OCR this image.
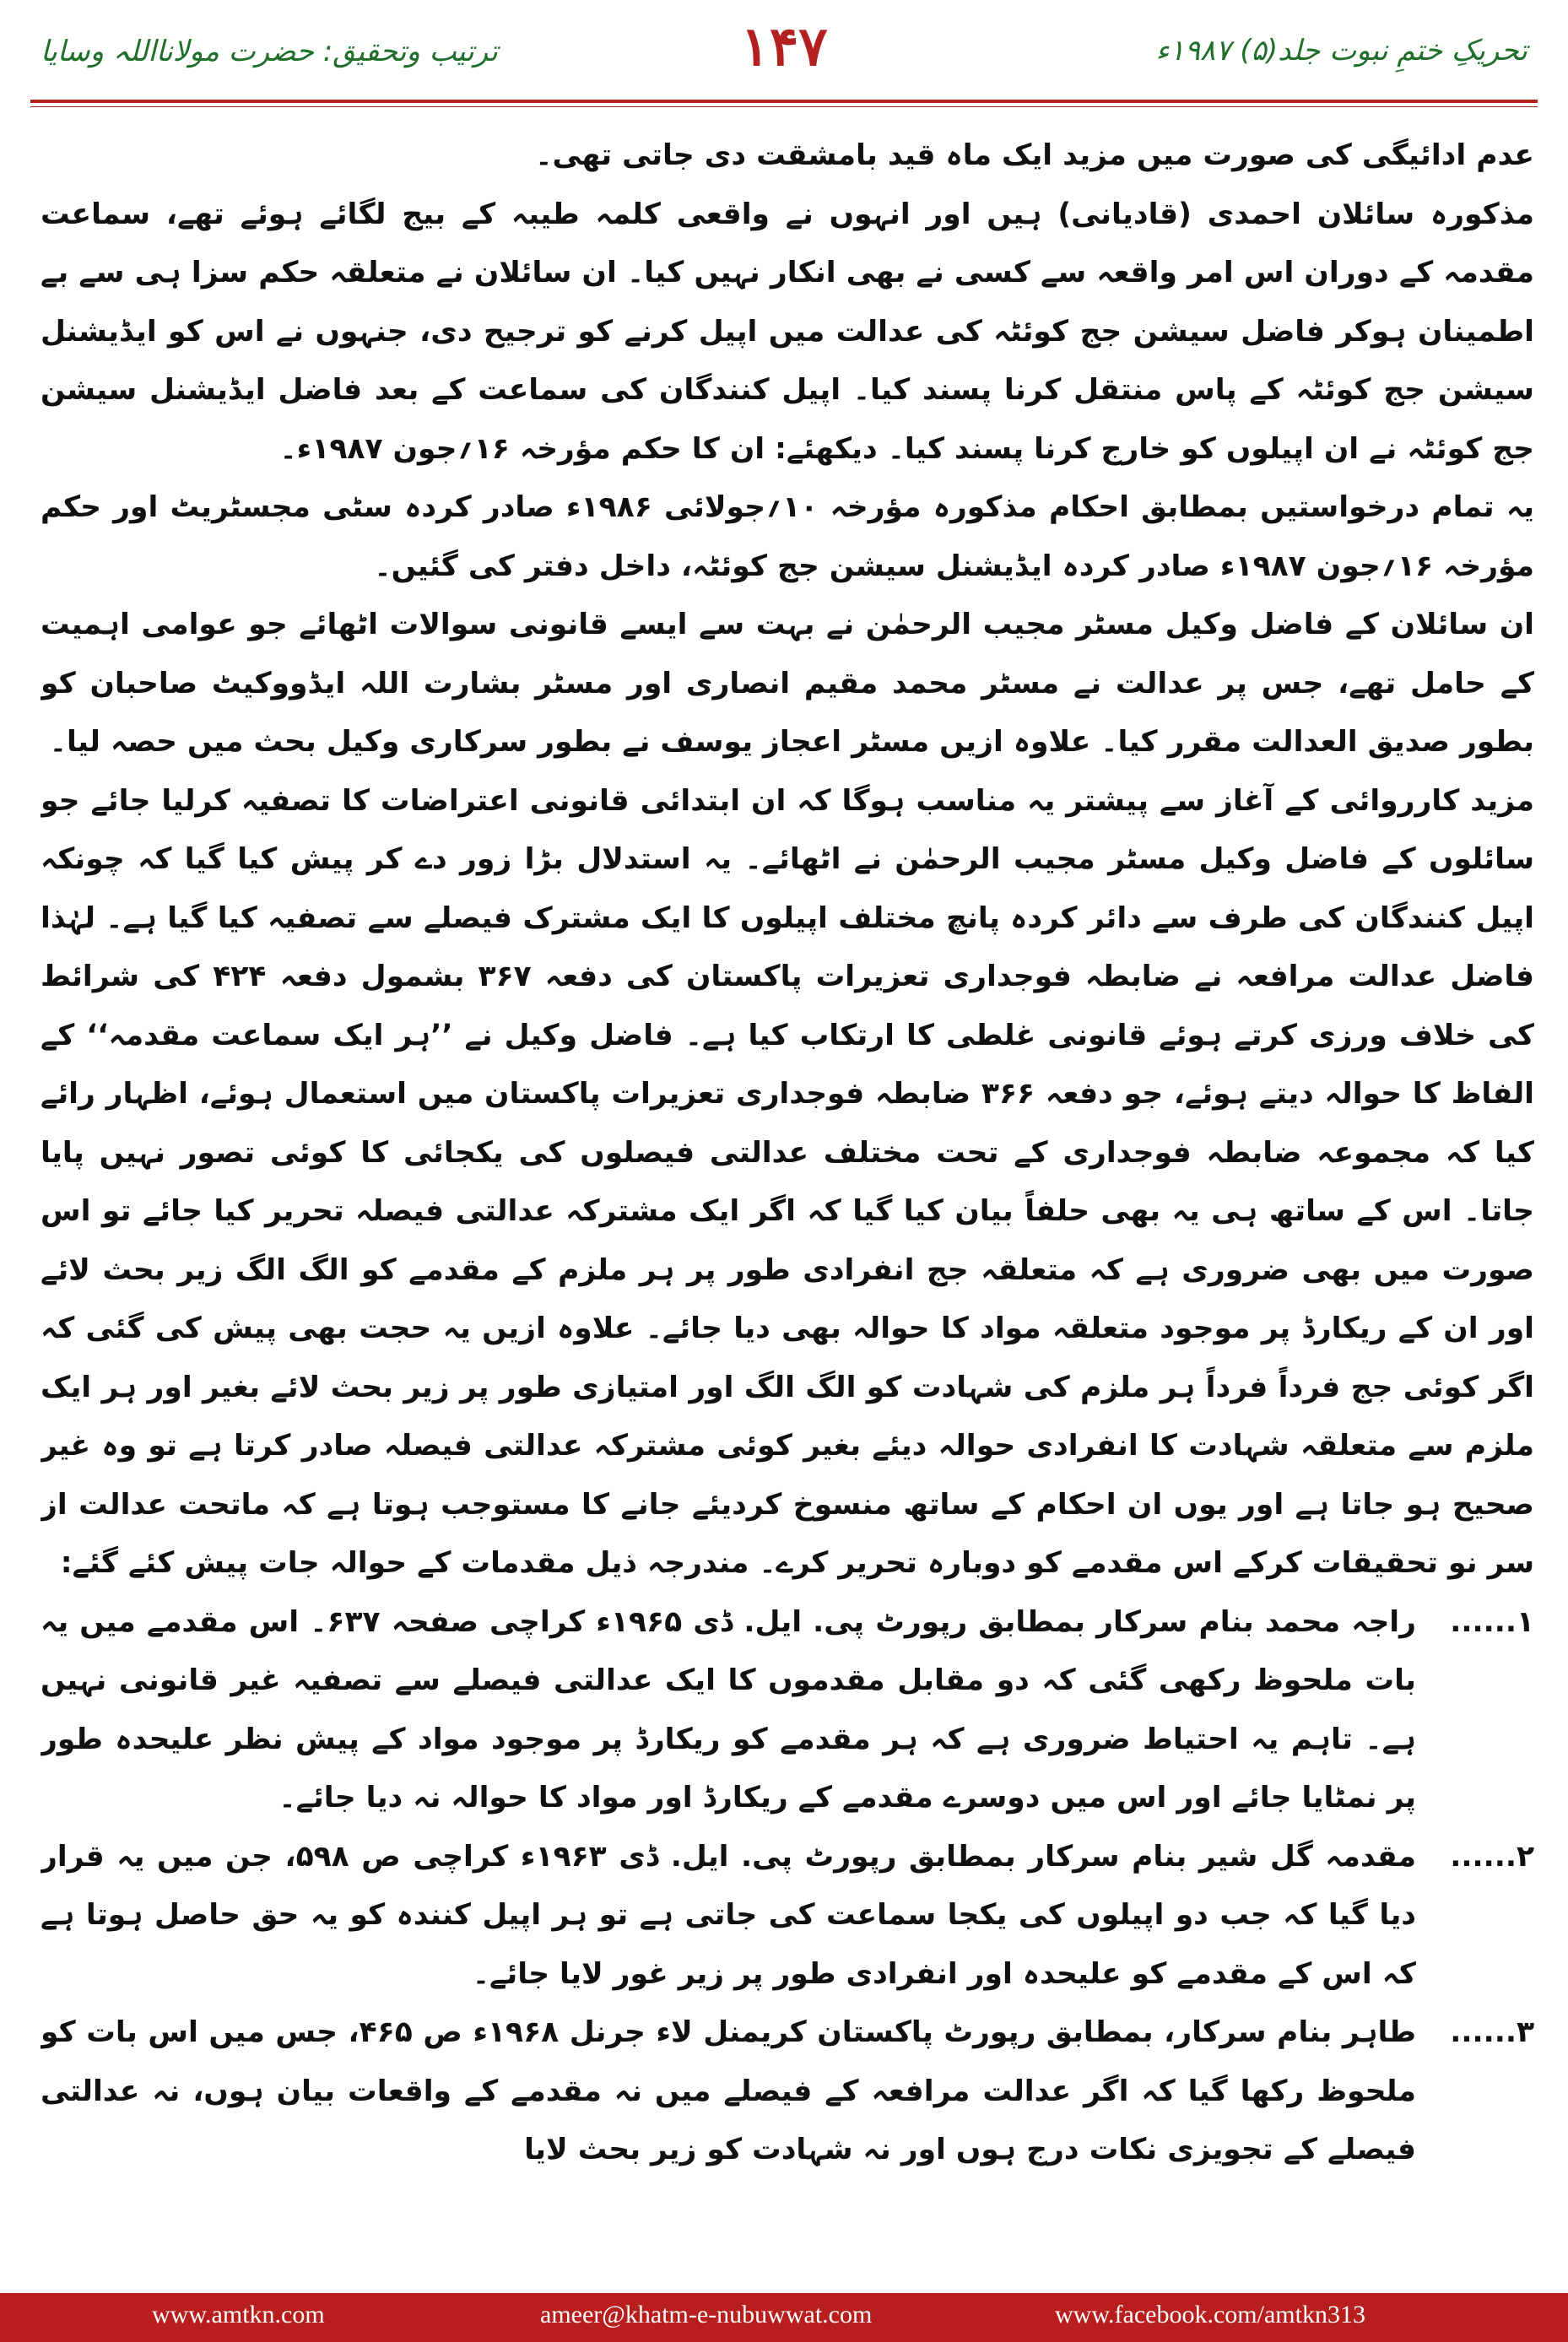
تحریکِ ختمِ نبوت جلد(۵) ۱۹۸۷ء
۱۴۷
ترتیب وتحقیق: حضرت مولانااللہ وسایا

عدم ادائیگی کی صورت میں مزید ایک ماہ قید بامشقت دی جاتی تھی۔

مذکورہ سائلان احمدی (قادیانی) ہیں اور انہوں نے واقعی کلمہ طیبہ کے بیج لگائے ہوئے تھے، سماعت مقدمہ کے دوران اس امر واقعہ سے کسی نے بھی انکار نہیں کیا۔ ان سائلان نے متعلقہ حکم سزا ہی سے بے اطمینان ہوکر فاضل سیشن جج کوئٹہ کی عدالت میں اپیل کرنے کو ترجیح دی، جنہوں نے اس کو ایڈیشنل سیشن جج کوئٹہ کے پاس منتقل کرنا پسند کیا۔ اپیل کنندگان کی سماعت کے بعد فاضل ایڈیشنل سیشن جج کوئٹہ نے ان اپیلوں کو خارج کرنا پسند کیا۔ دیکھئے: ان کا حکم مؤرخہ ۱۶؍جون ۱۹۸۷ء۔

یہ تمام درخواستیں بمطابق احکام مذکورہ مؤرخہ ۱۰؍جولائی ۱۹۸۶ء صادر کردہ سٹی مجسٹریٹ اور حکم مؤرخہ ۱۶؍جون ۱۹۸۷ء صادر کردہ ایڈیشنل سیشن جج کوئٹہ، داخل دفتر کی گئیں۔

ان سائلان کے فاضل وکیل مسٹر مجیب الرحمٰن نے بہت سے ایسے قانونی سوالات اٹھائے جو عوامی اہمیت کے حامل تھے، جس پر عدالت نے مسٹر محمد مقیم انصاری اور مسٹر بشارت اللہ ایڈووکیٹ صاحبان کو بطور صدیق العدالت مقرر کیا۔ علاوہ ازیں مسٹر اعجاز یوسف نے بطور سرکاری وکیل بحث میں حصہ لیا۔

مزید کارروائی کے آغاز سے پیشتر یہ مناسب ہوگا کہ ان ابتدائی قانونی اعتراضات کا تصفیہ کرلیا جائے جو سائلوں کے فاضل وکیل مسٹر مجیب الرحمٰن نے اٹھائے۔ یہ استدلال بڑا زور دے کر پیش کیا گیا کہ چونکہ اپیل کنندگان کی طرف سے دائر کردہ پانچ مختلف اپیلوں کا ایک مشترک فیصلے سے تصفیہ کیا گیا ہے۔ لہٰذا فاضل عدالت مرافعہ نے ضابطہ فوجداری تعزیرات پاکستان کی دفعہ ۳۶۷ بشمول دفعہ ۴۲۴ کی شرائط کی خلاف ورزی کرتے ہوئے قانونی غلطی کا ارتکاب کیا ہے۔ فاضل وکیل نے ’’ہر ایک سماعت مقدمہ‘‘ کے الفاظ کا حوالہ دیتے ہوئے، جو دفعہ ۳۶۶ ضابطہ فوجداری تعزیرات پاکستان میں استعمال ہوئے، اظہار رائے کیا کہ مجموعہ ضابطہ فوجداری کے تحت مختلف عدالتی فیصلوں کی یکجائی کا کوئی تصور نہیں پایا جاتا۔ اس کے ساتھ ہی یہ بھی حلفاً بیان کیا گیا کہ اگر ایک مشترکہ عدالتی فیصلہ تحریر کیا جائے تو اس صورت میں بھی ضروری ہے کہ متعلقہ جج انفرادی طور پر ہر ملزم کے مقدمے کو الگ الگ زیر بحث لائے اور ان کے ریکارڈ پر موجود متعلقہ مواد کا حوالہ بھی دیا جائے۔ علاوہ ازیں یہ حجت بھی پیش کی گئی کہ اگر کوئی جج فرداً فرداً ہر ملزم کی شہادت کو الگ الگ اور امتیازی طور پر زیر بحث لائے بغیر اور ہر ایک ملزم سے متعلقہ شہادت کا انفرادی حوالہ دیئے بغیر کوئی مشترکہ عدالتی فیصلہ صادر کرتا ہے تو وہ غیر صحیح ہو جاتا ہے اور یوں ان احکام کے ساتھ منسوخ کردیئے جانے کا مستوجب ہوتا ہے کہ ماتحت عدالت از سر نو تحقیقات کرکے اس مقدمے کو دوبارہ تحریر کرے۔ مندرجہ ذیل مقدمات کے حوالہ جات پیش کئے گئے:

۱......

راجہ محمد بنام سرکار بمطابق رپورٹ پی. ایل. ڈی ۱۹۶۵ء کراچی صفحہ ۶۳۷۔ اس مقدمے میں یہ بات ملحوظ رکھی گئی کہ دو مقابل مقدموں کا ایک عدالتی فیصلے سے تصفیہ غیر قانونی نہیں ہے۔ تاہم یہ احتیاط ضروری ہے کہ ہر مقدمے کو ریکارڈ پر موجود مواد کے پیش نظر علیحدہ طور پر نمٹایا جائے اور اس میں دوسرے مقدمے کے ریکارڈ اور مواد کا حوالہ نہ دیا جائے۔

۲......

مقدمہ گل شیر بنام سرکار بمطابق رپورٹ پی. ایل. ڈی ۱۹۶۳ء کراچی ص ۵۹۸، جن میں یہ قرار دیا گیا کہ جب دو اپیلوں کی یکجا سماعت کی جاتی ہے تو ہر اپیل کنندہ کو یہ حق حاصل ہوتا ہے کہ اس کے مقدمے کو علیحدہ اور انفرادی طور پر زیر غور لایا جائے۔

۳......

طاہر بنام سرکار، بمطابق رپورٹ پاکستان کریمنل لاء جرنل ۱۹۶۸ء ص ۴۶۵، جس میں اس بات کو ملحوظ رکھا گیا کہ اگر عدالت مرافعہ کے فیصلے میں نہ مقدمے کے واقعات بیان ہوں، نہ عدالتی فیصلے کے تجویزی نکات درج ہوں اور نہ شہادت کو زیر بحث لایا

www.amtkn.com	ameer@khatm-e-nubuwwat.com	www.facebook.com/amtkn313
